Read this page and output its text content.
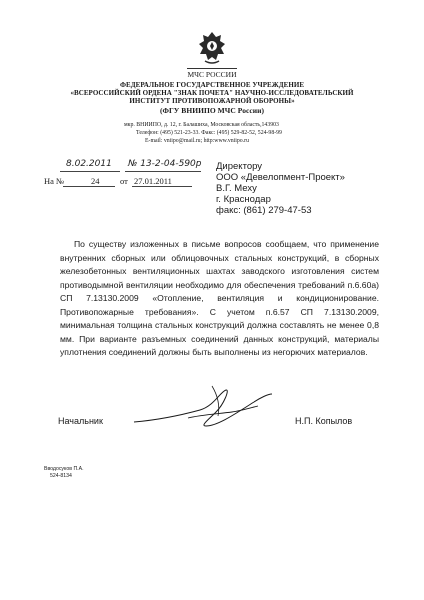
МЧС РОССИИ
ФЕДЕРАЛЬНОЕ ГОСУДАРСТВЕННОЕ УЧРЕЖДЕНИЕ
«ВСЕРОССИЙСКИЙ ОРДЕНА "ЗНАК ПОЧЕТА" НАУЧНО-ИССЛЕДОВАТЕЛЬСКИЙ
ИНСТИТУТ ПРОТИВОПОЖАРНОЙ ОБОРОНЫ»
(ФГУ ВНИИПО МЧС России)
мкр. ВНИИПО, д. 12, г. Балашиха, Московская область,143903
Телефон: (495) 521-23-33. Факс: (495) 529-82-52, 524-98-99
E-mail: vniipo@mail.ru; http:www.vniipo.ru
8.02.2011 № 13-2-04-590р
На №	24 от 27.01.2011
Директору
ООО «Девелопмент-Проект»
В.Г. Меху
г. Краснодар
факс: (861) 279-47-53
По существу изложенных в письме вопросов сообщаем, что применение внутренних сборных или облицовочных стальных конструкций, в сборных железобетонных вентиляционных шахтах заводского изготовления систем противодымной вентиляции необходимо для обеспечения требований п.6.60а) СП 7.13130.2009 «Отопление, вентиляция и кондиционирование. Противопожарные требования». С учетом п.6.57 СП 7.13130.2009, минимальная толщина стальных конструкций должна составлять не менее 0,8 мм. При варианте разъемных соединений данных конструкций, материалы уплотнения соединений должны быть выполнены из негорючих материалов.
Начальник	Н.П. Копылов
Вводосуков П.А.
524-8134
